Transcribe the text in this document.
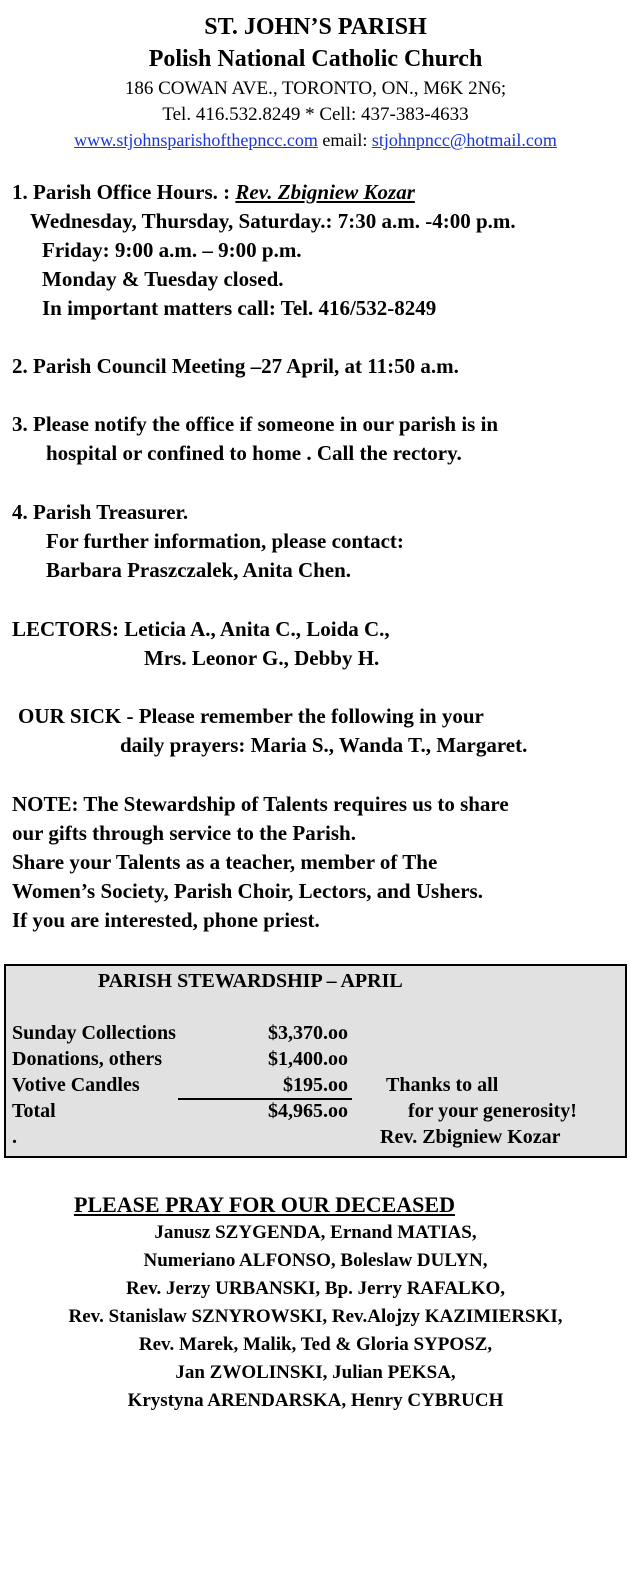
ST. JOHN’S PARISH
Polish National Catholic Church
186 COWAN AVE., TORONTO, ON., M6K 2N6;
Tel. 416.532.8249 * Cell: 437-383-4633
www.stjohnsparishofthepncc.com email: stjohnpncc@hotmail.com
1. Parish Office Hours. : Rev. Zbigniew Kozar
Wednesday, Thursday, Saturday.: 7:30 a.m. -4:00 p.m.
Friday: 9:00 a.m. – 9:00 p.m.
Monday & Tuesday closed.
In important matters call: Tel. 416/532-8249
2. Parish Council Meeting –27 April, at 11:50 a.m.
3. Please notify the office if someone in our parish is in
hospital or confined to home . Call the rectory.
4. Parish Treasurer.
For further information, please contact:
Barbara Praszczalek, Anita Chen.
LECTORS: Leticia A., Anita C., Loida C.,
Mrs. Leonor G., Debby H.
OUR SICK - Please remember the following in your
daily prayers: Maria S., Wanda T., Margaret.
NOTE: The Stewardship of Talents requires us to share
our gifts through service to the Parish.
Share your Talents as a teacher, member of The
Women’s Society, Parish Choir, Lectors, and Ushers.
If you are interested, phone priest.
PARISH STEWARDSHIP – APRIL
Sunday Collections	$3,370.oo
Donations, others	$1,400.oo
Votive Candles	$195.oo
Total	$4,965.oo
.
Thanks to all
for your generosity!
Rev. Zbigniew Kozar
PLEASE PRAY FOR OUR DECEASED
Janusz SZYGENDA, Ernand MATIAS,
Numeriano ALFONSO, Boleslaw DULYN,
Rev. Jerzy URBANSKI, Bp. Jerry RAFALKO,
Rev. Stanislaw SZNYROWSKI, Rev.Alojzy KAZIMIERSKI,
Rev. Marek, Malik, Ted & Gloria SYPOSZ,
Jan ZWOLINSKI, Julian PEKSA,
Krystyna ARENDARSKA, Henry CYBRUCH
